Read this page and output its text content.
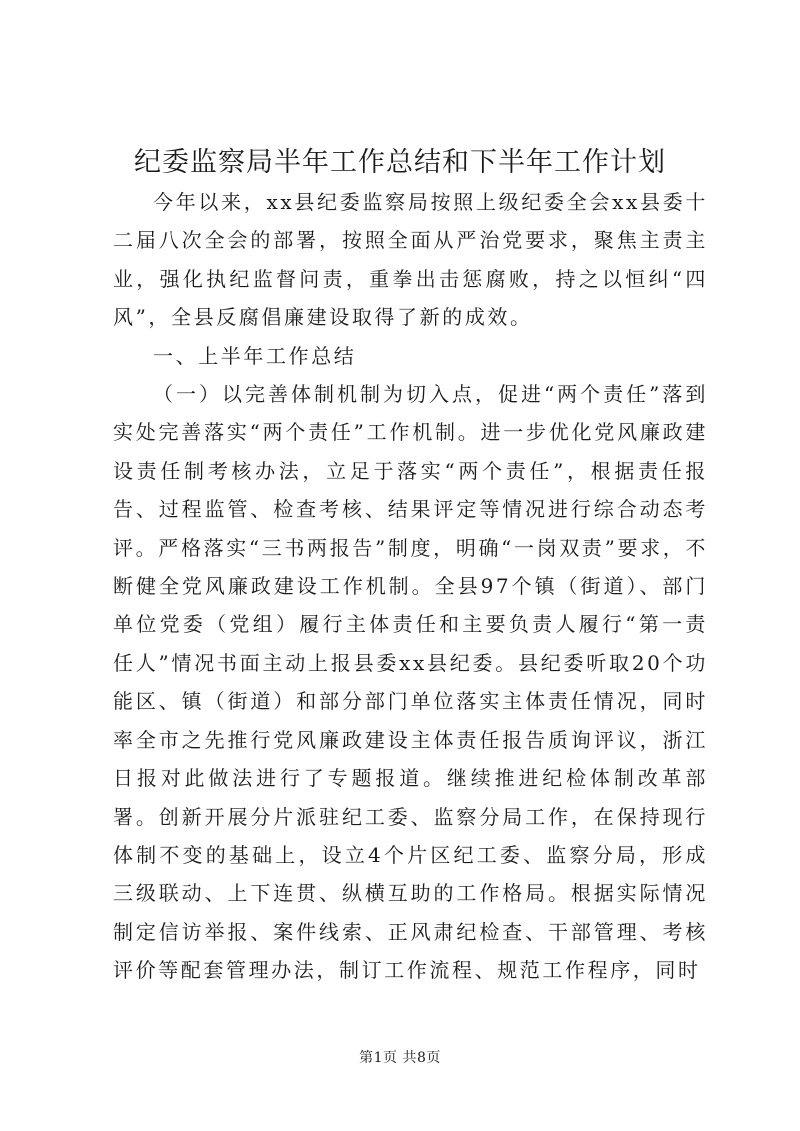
纪委监察局半年工作总结和下半年工作计划

今年以来，xx县纪委监察局按照上级纪委全会xx县委十二届八次全会的部署，按照全面从严治党要求，聚焦主责主业，强化执纪监督问责，重拳出击惩腐败，持之以恒纠“四风”，全县反腐倡廉建设取得了新的成效。

一、上半年工作总结

（一）以完善体制机制为切入点，促进“两个责任”落到实处完善落实“两个责任”工作机制。进一步优化党风廉政建设责任制考核办法，立足于落实“两个责任”，根据责任报告、过程监管、检查考核、结果评定等情况进行综合动态考评。严格落实“三书两报告”制度，明确“一岗双责”要求，不断健全党风廉政建设工作机制。全县97个镇（街道）、部门单位党委（党组）履行主体责任和主要负责人履行“第一责任人”情况书面主动上报县委xx县纪委。县纪委听取20个功能区、镇（街道）和部分部门单位落实主体责任情况，同时率全市之先推行党风廉政建设主体责任报告质询评议，浙江日报对此做法进行了专题报道。继续推进纪检体制改革部署。创新开展分片派驻纪工委、监察分局工作，在保持现行体制不变的基础上，设立4个片区纪工委、监察分局，形成三级联动、上下连贯、纵横互助的工作格局。根据实际情况制定信访举报、案件线索、正风肃纪检查、干部管理、考核评价等配套管理办法，制订工作流程、规范工作程序，同时

第1页 共8页
